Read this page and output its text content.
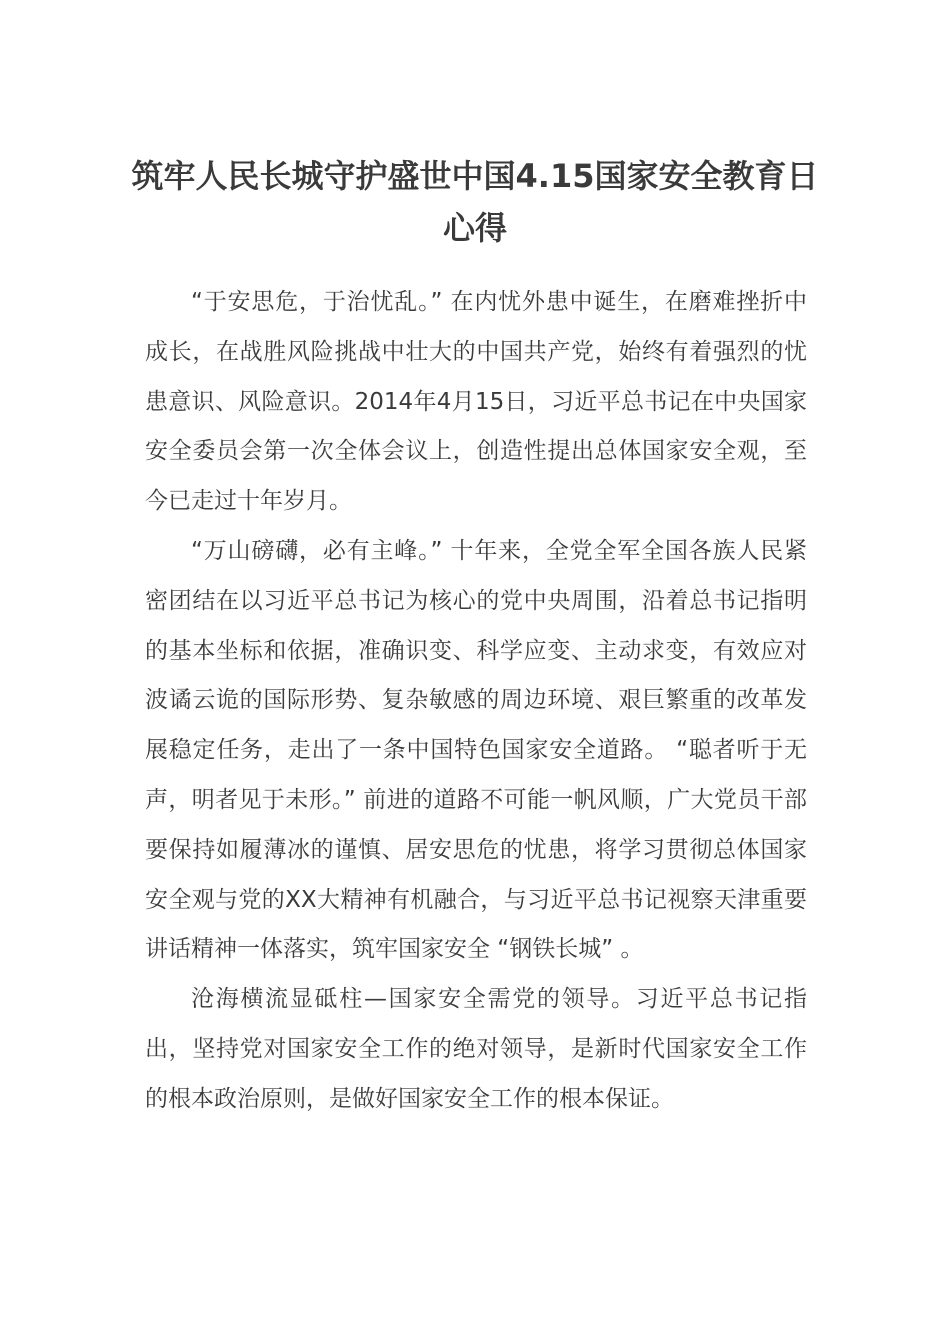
筑牢人民长城守护盛世中国4.15国家安全教育日心得

“于安思危，于治忧乱。” 在内忧外患中诞生，在磨难挫折中成长，在战胜风险挑战中壮大的中国共产党，始终有着强烈的忧患意识、风险意识。2014年4月15日，习近平总书记在中央国家安全委员会第一次全体会议上，创造性提出总体国家安全观，至今已走过十年岁月。

“万山磅礴，必有主峰。” 十年来，全党全军全国各族人民紧密团结在以习近平总书记为核心的党中央周围，沿着总书记指明的基本坐标和依据，准确识变、科学应变、主动求变，有效应对波谲云诡的国际形势、复杂敏感的周边环境、艰巨繁重的改革发展稳定任务，走出了一条中国特色国家安全道路。 “聪者听于无声，明者见于未形。” 前进的道路不可能一帆风顺，广大党员干部要保持如履薄冰的谨慎、居安思危的忧患，将学习贯彻总体国家安全观与党的XX大精神有机融合，与习近平总书记视察天津重要讲话精神一体落实，筑牢国家安全 “钢铁长城” 。

沧海横流显砥柱—国家安全需党的领导。习近平总书记指出，坚持党对国家安全工作的绝对领导，是新时代国家安全工作的根本政治原则，是做好国家安全工作的根本保证。
